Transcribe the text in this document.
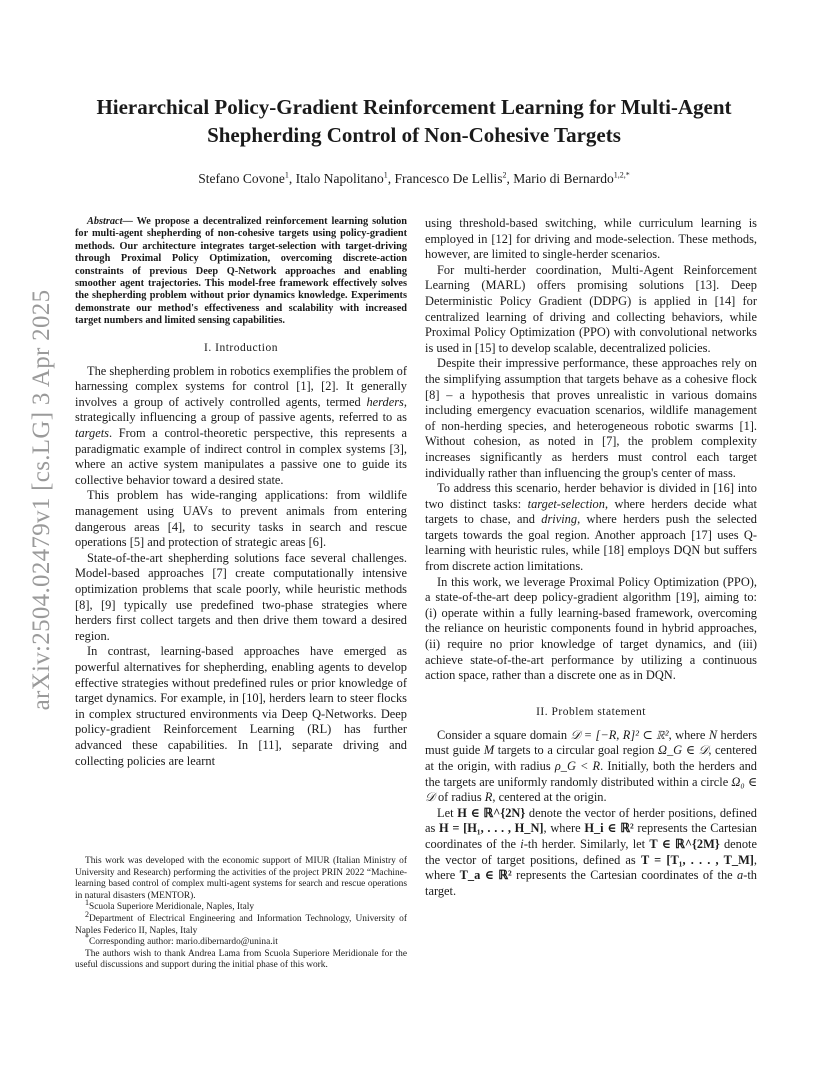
arXiv:2504.02479v1 [cs.LG] 3 Apr 2025
Hierarchical Policy-Gradient Reinforcement Learning for Multi-Agent
Shepherding Control of Non-Cohesive Targets
Stefano Covone$^1$, Italo Napolitano$^1$, Francesco De Lellis$^2$, Mario di Bernardo$^{1,2,*}$

Abstract— We propose a decentralized reinforcement learning solution for multi-agent shepherding of non-cohesive targets using policy-gradient methods. Our architecture integrates target-selection with target-driving through Proximal Policy Optimization, overcoming discrete-action constraints of previous Deep Q-Network approaches and enabling smoother agent trajectories. This model-free framework effectively solves the shepherding problem without prior dynamics knowledge. Experiments demonstrate our method's effectiveness and scalability with increased target numbers and limited sensing capabilities.

I. Introduction

The shepherding problem in robotics exemplifies the problem of harnessing complex systems for control [1], [2]. It generally involves a group of actively controlled agents, termed herders, strategically influencing a group of passive agents, referred to as targets. From a control-theoretic perspective, this represents a paradigmatic example of indirect control in complex systems [3], where an active system manipulates a passive one to guide its collective behavior toward a desired state.

This problem has wide-ranging applications: from wildlife management using UAVs to prevent animals from entering dangerous areas [4], to security tasks in search and rescue operations [5] and protection of strategic areas [6].

State-of-the-art shepherding solutions face several challenges. Model-based approaches [7] create computationally intensive optimization problems that scale poorly, while heuristic methods [8], [9] typically use predefined two-phase strategies where herders first collect targets and then drive them toward a desired region.

In contrast, learning-based approaches have emerged as powerful alternatives for shepherding, enabling agents to develop effective strategies without predefined rules or prior knowledge of target dynamics. For example, in [10], herders learn to steer flocks in complex structured environments via Deep Q-Networks. Deep policy-gradient Reinforcement Learning (RL) has further advanced these capabilities. In [11], separate driving and collecting policies are learnt

This work was developed with the economic support of MIUR (Italian Ministry of University and Research) performing the activities of the project PRIN 2022 “Machine-learning based control of complex multi-agent systems for search and rescue operations in natural disasters (MENTOR).

$^1$Scuola Superiore Meridionale, Naples, Italy

$^2$Department of Electrical Engineering and Information Technology, University of Naples Federico II, Naples, Italy

*Corresponding author: mario.dibernardo@unina.it

The authors wish to thank Andrea Lama from Scuola Superiore Meridionale for the useful discussions and support during the initial phase of this work.

using threshold-based switching, while curriculum learning is employed in [12] for driving and mode-selection. These methods, however, are limited to single-herder scenarios.

For multi-herder coordination, Multi-Agent Reinforcement Learning (MARL) offers promising solutions [13]. Deep Deterministic Policy Gradient (DDPG) is applied in [14] for centralized learning of driving and collecting behaviors, while Proximal Policy Optimization (PPO) with convolutional networks is used in [15] to develop scalable, decentralized policies.

Despite their impressive performance, these approaches rely on the simplifying assumption that targets behave as a cohesive flock [8] – a hypothesis that proves unrealistic in various domains including emergency evacuation scenarios, wildlife management of non-herding species, and heterogeneous robotic swarms [1]. Without cohesion, as noted in [7], the problem complexity increases significantly as herders must control each target individually rather than influencing the group's center of mass.

To address this scenario, herder behavior is divided in [16] into two distinct tasks: target-selection, where herders decide what targets to chase, and driving, where herders push the selected targets towards the goal region. Another approach [17] uses Q-learning with heuristic rules, while [18] employs DQN but suffers from discrete action limitations.

In this work, we leverage Proximal Policy Optimization (PPO), a state-of-the-art deep policy-gradient algorithm [19], aiming to: (i) operate within a fully learning-based framework, overcoming the reliance on heuristic components found in hybrid approaches, (ii) require no prior knowledge of target dynamics, and (iii) achieve state-of-the-art performance by utilizing a continuous action space, rather than a discrete one as in DQN.

II. Problem statement

Consider a square domain 𝒟 = [−R, R]² ⊂ ℝ², where N herders must guide M targets to a circular goal region Ω_G ∈ 𝒟, centered at the origin, with radius ρ_G < R. Initially, both the herders and the targets are uniformly randomly distributed within a circle Ω₀ ∈ 𝒟 of radius R, centered at the origin.

Let H ∈ ℝ^{2N} denote the vector of herder positions, defined as H = [H₁, . . . , H_N], where H_i ∈ ℝ² represents the Cartesian coordinates of the i-th herder. Similarly, let T ∈ ℝ^{2M} denote the vector of target positions, defined as T = [T₁, . . . , T_M], where T_a ∈ ℝ² represents the Cartesian coordinates of the a-th target.
